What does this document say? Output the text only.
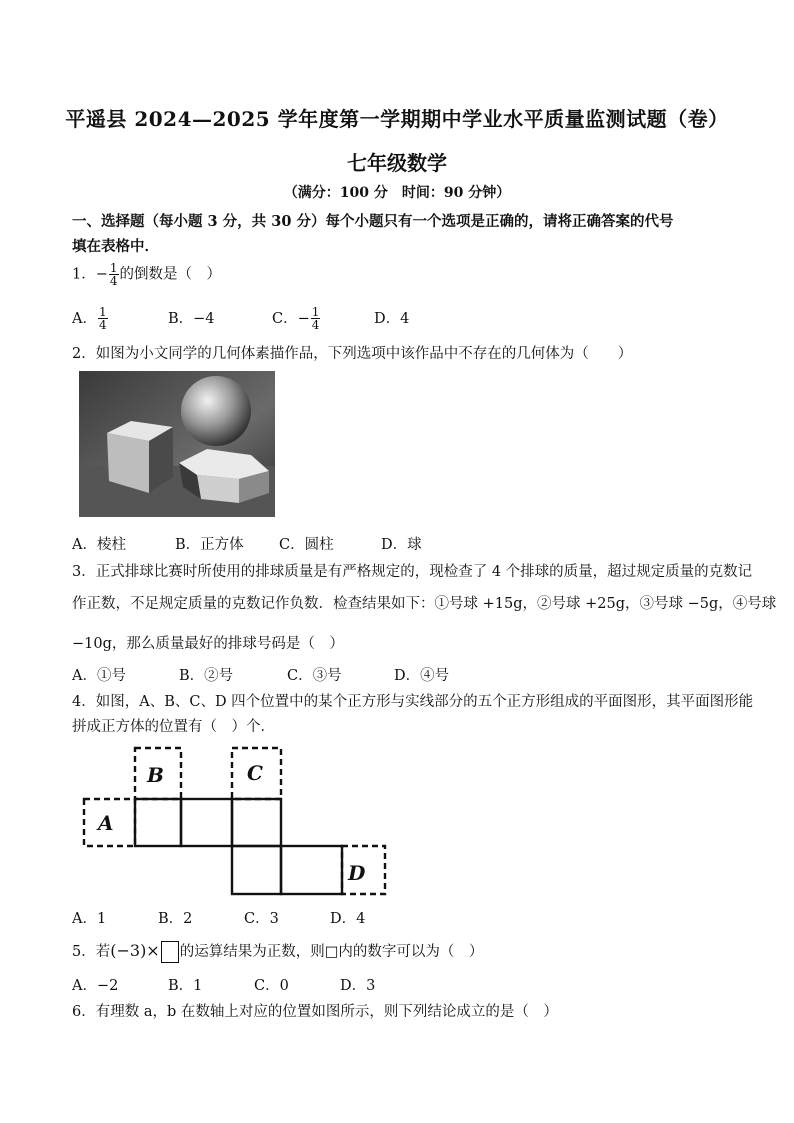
平遥县 2024—2025 学年度第一学期期中学业水平质量监测试题（卷）
七年级数学
（满分：100 分　时间：90 分钟）
一、选择题（每小题 3 分，共 30 分）每个小题只有一个选项是正确的，请将正确答案的代号
填在表格中．
1．− $\frac{1}{4}$ 的倒数是（　）
A． $\frac{1}{4}$	B．−4	C．− $\frac{1}{4}$	D．4
2．如图为小文同学的几何体素描作品，下列选项中该作品中不存在的几何体为（　　）
A．棱柱	B．正方体 C．圆柱	D．球
3．正式排球比赛时所使用的排球质量是有严格规定的，现检查了 4 个排球的质量，超过规定质量的克数记
作正数，不足规定质量的克数记作负数．检查结果如下：①号球 +15g，②号球 +25g，③号球 −5g，④号球
−10g，那么质量最好的排球号码是（　）
A．①号	B．②号	C．③号	D．④号
4．如图，A、B、C、D 四个位置中的某个正方形与实线部分的五个正方形组成的平面图形，其平面图形能
拼成正方体的位置有（　）个．
A
B	C
D
A．1	B．2	C．3	D．4
5．若(−3)× 的运算结果为正数，则□内的数字可以为（　）
A．−2	B．1	C．0	D．3
6．有理数 a，b 在数轴上对应的位置如图所示，则下列结论成立的是（　）
